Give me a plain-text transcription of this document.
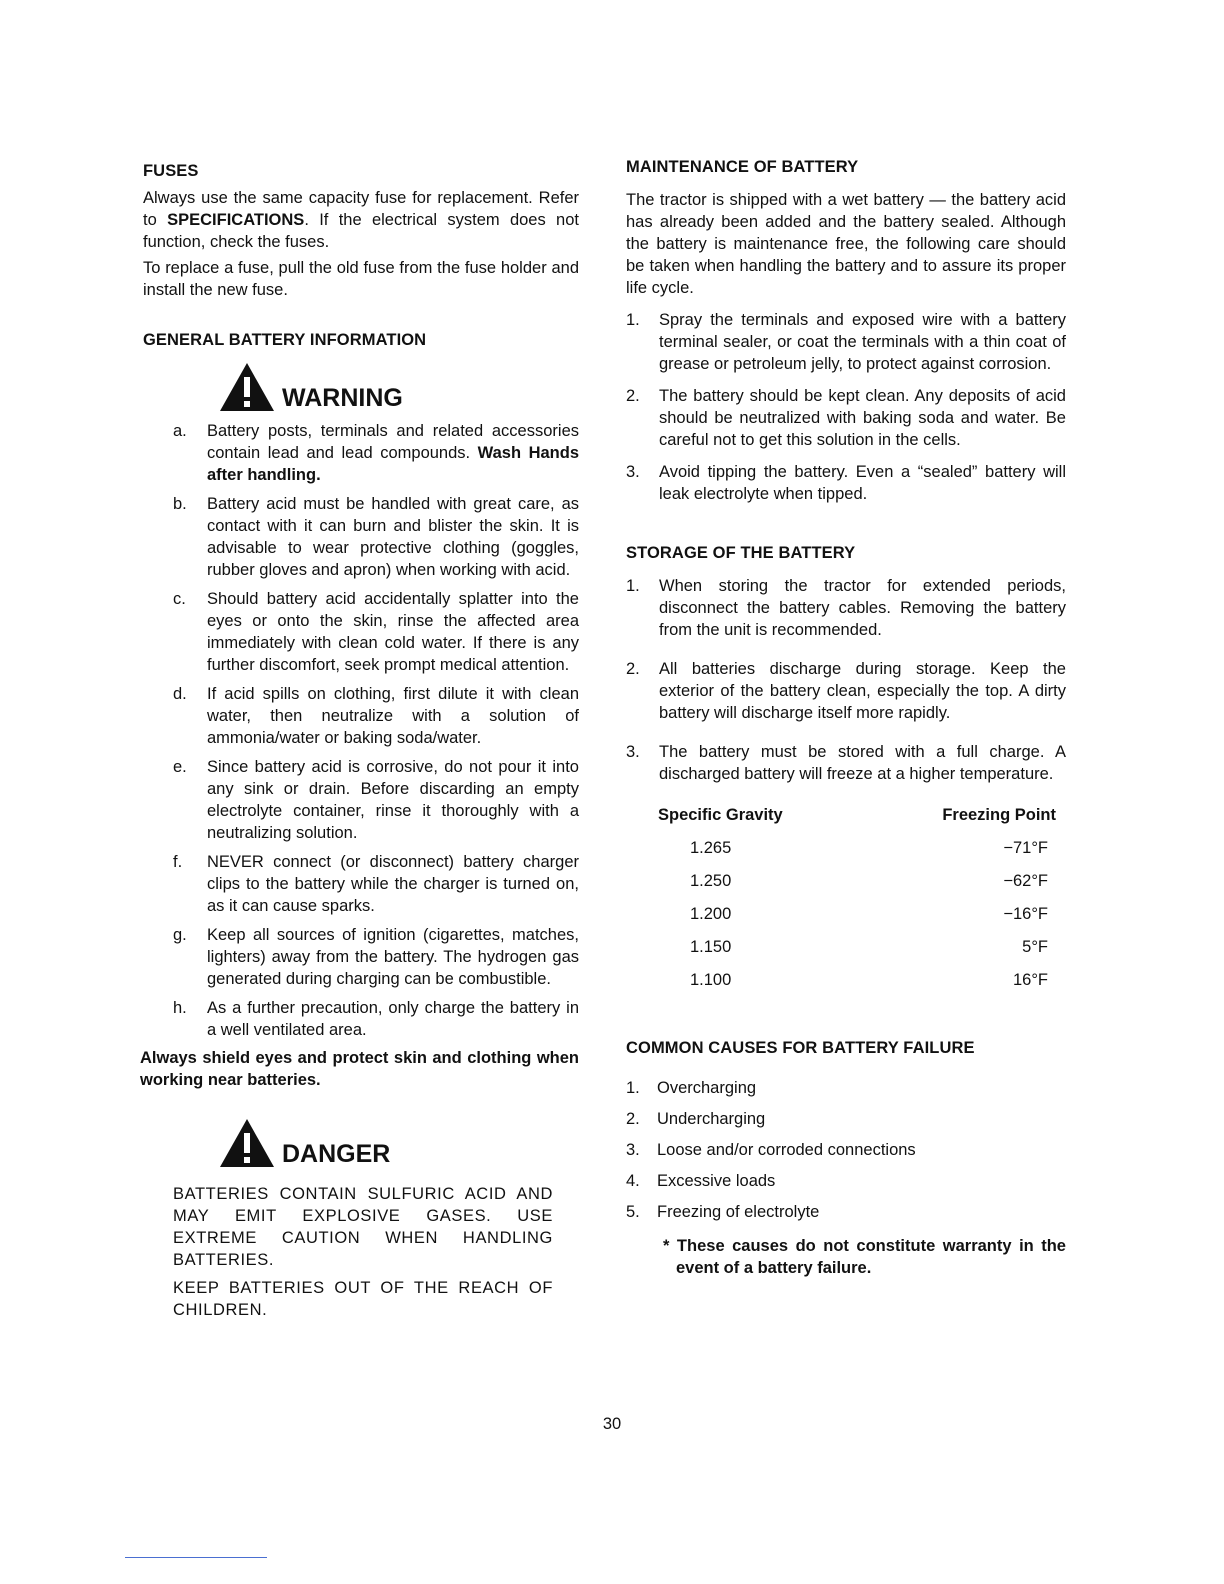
FUSES

Always use the same capacity fuse for replacement. Refer to SPECIFICATIONS. If the electrical system does not function, check the fuses.

To replace a fuse, pull the old fuse from the fuse holder and install the new fuse.

GENERAL BATTERY INFORMATION
WARNING
a. Battery posts, terminals and related accessories contain lead and lead compounds. Wash Hands after handling.
b. Battery acid must be handled with great care, as contact with it can burn and blister the skin. It is advisable to wear protective clothing (goggles, rubber gloves and apron) when working with acid.
c. Should battery acid accidentally splatter into the eyes or onto the skin, rinse the affected area immediately with clean cold water. If there is any further discomfort, seek prompt medical attention.
d. If acid spills on clothing, first dilute it with clean water, then neutralize with a solution of ammonia/water or baking soda/water.
e. Since battery acid is corrosive, do not pour it into any sink or drain. Before discarding an empty electrolyte container, rinse it thoroughly with a neutralizing solution.
f. NEVER connect (or disconnect) battery charger clips to the battery while the charger is turned on, as it can cause sparks.
g. Keep all sources of ignition (cigarettes, matches, lighters) away from the battery. The hydrogen gas generated during charging can be combustible.
h. As a further precaution, only charge the battery in a well ventilated area.

Always shield eyes and protect skin and clothing when working near batteries.

DANGER

BATTERIES CONTAIN SULFURIC ACID AND MAY EMIT EXPLOSIVE GASES. USE EXTREME CAUTION WHEN HANDLING BATTERIES.

KEEP BATTERIES OUT OF THE REACH OF CHILDREN.

MAINTENANCE OF BATTERY

The tractor is shipped with a wet battery — the battery acid has already been added and the battery sealed. Although the battery is maintenance free, the following care should be taken when handling the battery and to assure its proper life cycle.

1. Spray the terminals and exposed wire with a battery terminal sealer, or coat the terminals with a thin coat of grease or petroleum jelly, to protect against corrosion.
2. The battery should be kept clean. Any deposits of acid should be neutralized with baking soda and water. Be careful not to get this solution in the cells.
3. Avoid tipping the battery. Even a “sealed” battery will leak electrolyte when tipped.
STORAGE OF THE BATTERY
1. When storing the tractor for extended periods, disconnect the battery cables. Removing the battery from the unit is recommended.
2. All batteries discharge during storage. Keep the exterior of the battery clean, especially the top. A dirty battery will discharge itself more rapidly.
3. The battery must be stored with a full charge. A discharged battery will freeze at a higher temperature.
Specific Gravity	Freezing Point
1.265	−71°F
1.250	−62°F
1.200	−16°F
1.150	5°F
1.100	16°F
COMMON CAUSES FOR BATTERY FAILURE
1. Overcharging
2. Undercharging
3. Loose and/or corroded connections
4. Excessive loads
5. Freezing of electrolyte

* These causes do not constitute warranty in the event of a battery failure.

30
